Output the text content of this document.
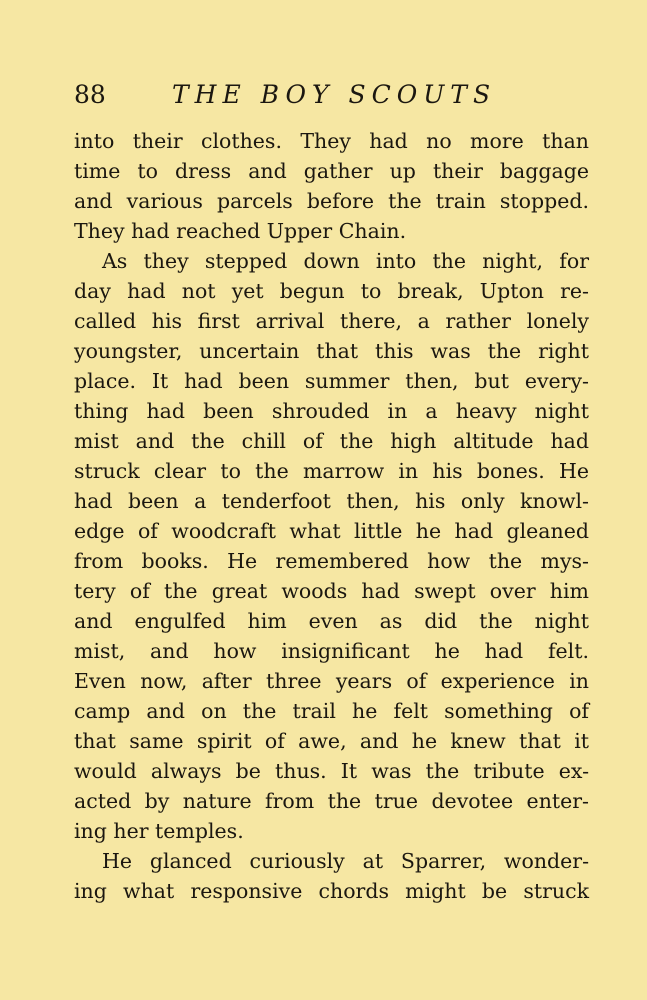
88	THE BOY SCOUTS
into their clothes. They had no more than
time to dress and gather up their baggage
and various parcels before the train stopped.
They had reached Upper Chain.
As they stepped down into the night, for
day had not yet begun to break, Upton re-
called his first arrival there, a rather lonely
youngster, uncertain that this was the right
place. It had been summer then, but every-
thing had been shrouded in a heavy night
mist and the chill of the high altitude had
struck clear to the marrow in his bones. He
had been a tenderfoot then, his only knowl-
edge of woodcraft what little he had gleaned
from books. He remembered how the mys-
tery of the great woods had swept over him
and engulfed him even as did the night
mist, and how insignificant he had felt.
Even now, after three years of experience in
camp and on the trail he felt something of
that same spirit of awe, and he knew that it
would always be thus. It was the tribute ex-
acted by nature from the true devotee enter-
ing her temples.
He glanced curiously at Sparrer, wonder-
ing what responsive chords might be struck
